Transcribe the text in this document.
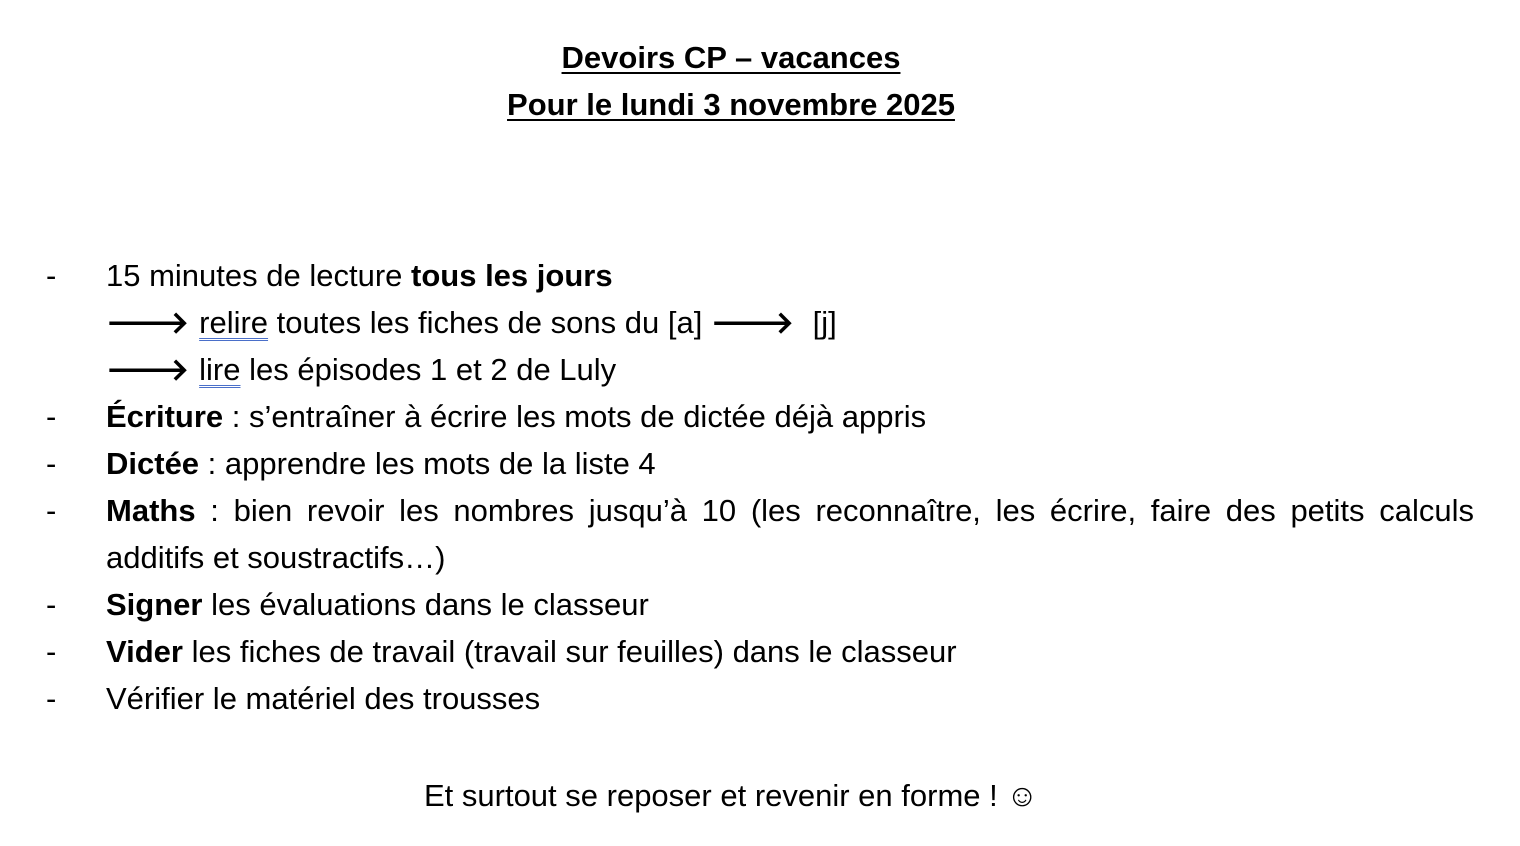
Devoirs CP – vacances
Pour le lundi 3 novembre 2025
- 15 minutes de lecture tous les jours
🡒 relire toutes les fiches de sons du [a] 🡒 [j]
🡒 lire les épisodes 1 et 2 de Luly
- Écriture : s’entraîner à écrire les mots de dictée déjà appris
- Dictée : apprendre les mots de la liste 4
- Maths : bien revoir les nombres jusqu’à 10 (les reconnaître, les écrire, faire des petits calculs additifs et soustractifs…)
- Signer les évaluations dans le classeur
- Vider les fiches de travail (travail sur feuilles) dans le classeur
- Vérifier le matériel des trousses
Et surtout se reposer et revenir en forme ! ☺
